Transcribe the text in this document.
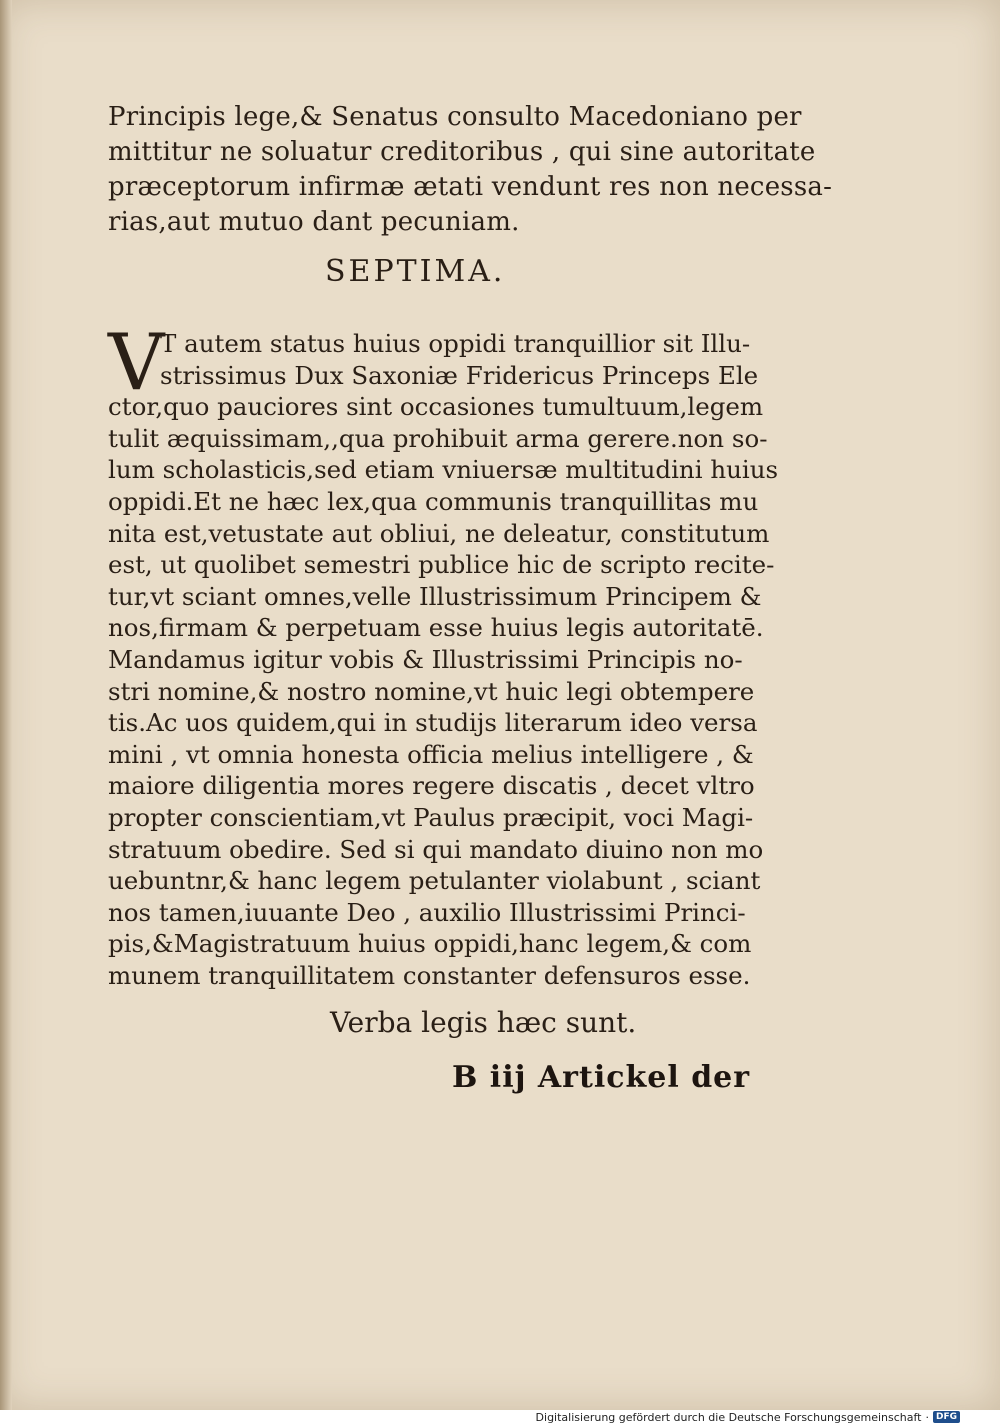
Principis lege,& Senatus consulto Macedoniano per
mittitur ne soluatur creditoribus , qui sine autoritate
præceptorum infirmæ ætati vendunt res non necessa-
rias,aut mutuo dant pecuniam.
SEPTIMA.
V
T autem status huius oppidi tranquillior sit Illu-
strissimus Dux Saxoniæ Fridericus Princeps Ele
ctor,quo pauciores sint occasiones tumultuum,legem
tulit æquissimam,,qua prohibuit arma gerere.non so-
lum scholasticis,sed etiam vniuersæ multitudini huius
oppidi.Et ne hæc lex,qua communis tranquillitas mu
nita est,vetustate aut obliui, ne deleatur, constitutum
est, ut quolibet semestri publice hic de scripto recite-
tur,vt sciant omnes,velle Illustrissimum Principem &
nos,firmam & perpetuam esse huius legis autoritatē.
Mandamus igitur vobis & Illustrissimi Principis no-
stri nomine,& nostro nomine,vt huic legi obtempere
tis.Ac uos quidem,qui in studijs literarum ideo versa
mini , vt omnia honesta officia melius intelligere , &
maiore diligentia mores regere discatis , decet vltro
propter conscientiam,vt Paulus præcipit, voci Magi-
stratuum obedire. Sed si qui mandato diuino non mo
uebuntnr,& hanc legem petulanter violabunt , sciant
nos tamen,iuuante Deo , auxilio Illustrissimi Princi-
pis,&Magistratuum huius oppidi,hanc legem,& com
munem tranquillitatem constanter defensuros esse.
Verba legis hæc sunt.
B iij Artickel der
Digitalisierung gefördert durch die Deutsche Forschungsgemeinschaft · DFG
